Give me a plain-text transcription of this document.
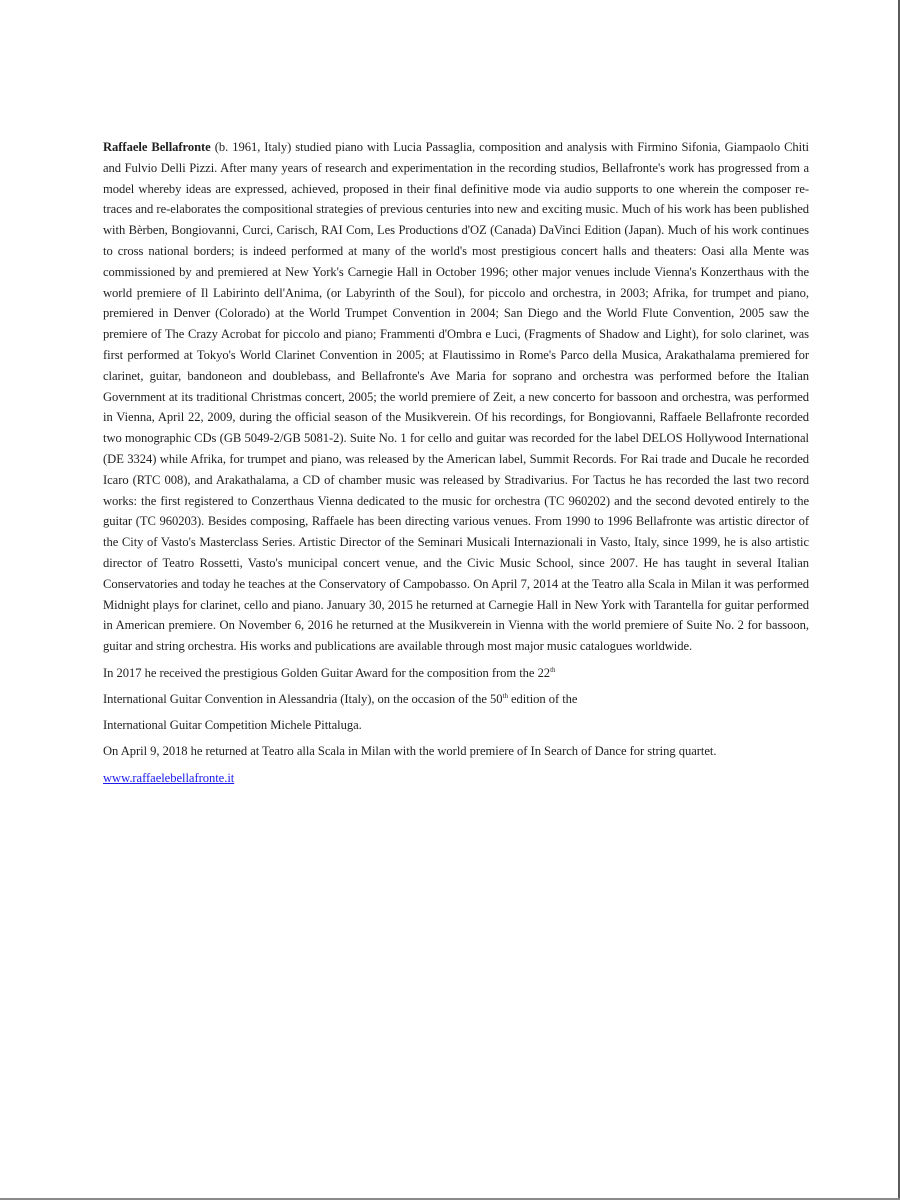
Raffaele Bellafronte (b. 1961, Italy) studied piano with Lucia Passaglia, composition and analysis with Firmino Sifonia, Giampaolo Chiti and Fulvio Delli Pizzi. After many years of research and experimentation in the recording studios, Bellafronte's work has progressed from a model whereby ideas are expressed, achieved, proposed in their final definitive mode via audio supports to one wherein the composer re-traces and re-elaborates the compositional strategies of previous centuries into new and exciting music. Much of his work has been published with Bèrben, Bongiovanni, Curci, Carisch, RAI Com, Les Productions d'OZ (Canada) DaVinci Edition (Japan). Much of his work continues to cross national borders; is indeed performed at many of the world's most prestigious concert halls and theaters: Oasi alla Mente was commissioned by and premiered at New York's Carnegie Hall in October 1996; other major venues include Vienna's Konzerthaus with the world premiere of Il Labirinto dell'Anima, (or Labyrinth of the Soul), for piccolo and orchestra, in 2003; Afrika, for trumpet and piano, premiered in Denver (Colorado) at the World Trumpet Convention in 2004; San Diego and the World Flute Convention, 2005 saw the premiere of The Crazy Acrobat for piccolo and piano; Frammenti d'Ombra e Luci, (Fragments of Shadow and Light), for solo clarinet, was first performed at Tokyo's World Clarinet Convention in 2005; at Flautissimo in Rome's Parco della Musica, Arakathalama premiered for clarinet, guitar, bandoneon and doublebass, and Bellafronte's Ave Maria for soprano and orchestra was performed before the Italian Government at its traditional Christmas concert, 2005; the world premiere of Zeit, a new concerto for bassoon and orchestra, was performed in Vienna, April 22, 2009, during the official season of the Musikverein. Of his recordings, for Bongiovanni, Raffaele Bellafronte recorded two monographic CDs (GB 5049-2/GB 5081-2). Suite No. 1 for cello and guitar was recorded for the label DELOS Hollywood International (DE 3324) while Afrika, for trumpet and piano, was released by the American label, Summit Records. For Rai trade and Ducale he recorded Icaro (RTC 008), and Arakathalama, a CD of chamber music was released by Stradivarius. For Tactus he has recorded the last two record works: the first registered to Conzerthaus Vienna dedicated to the music for orchestra (TC 960202) and the second devoted entirely to the guitar (TC 960203). Besides composing, Raffaele has been directing various venues. From 1990 to 1996 Bellafronte was artistic director of the City of Vasto's Masterclass Series. Artistic Director of the Seminari Musicali Internazionali in Vasto, Italy, since 1999, he is also artistic director of Teatro Rossetti, Vasto's municipal concert venue, and the Civic Music School, since 2007. He has taught in several Italian Conservatories and today he teaches at the Conservatory of Campobasso. On April 7, 2014 at the Teatro alla Scala in Milan it was performed Midnight plays for clarinet, cello and piano. January 30, 2015 he returned at Carnegie Hall in New York with Tarantella for guitar performed in American premiere. On November 6, 2016 he returned at the Musikverein in Vienna with the world premiere of Suite No. 2 for bassoon, guitar and string orchestra. His works and publications are available through most major music catalogues worldwide.

In 2017 he received the prestigious Golden Guitar Award for the composition from the 22th
International Guitar Convention in Alessandria (Italy), on the occasion of the 50th edition of the
International Guitar Competition Michele Pittaluga.

On April 9, 2018 he returned at Teatro alla Scala in Milan with the world premiere of In Search of Dance for string quartet.

www.raffaelebellafronte.it
